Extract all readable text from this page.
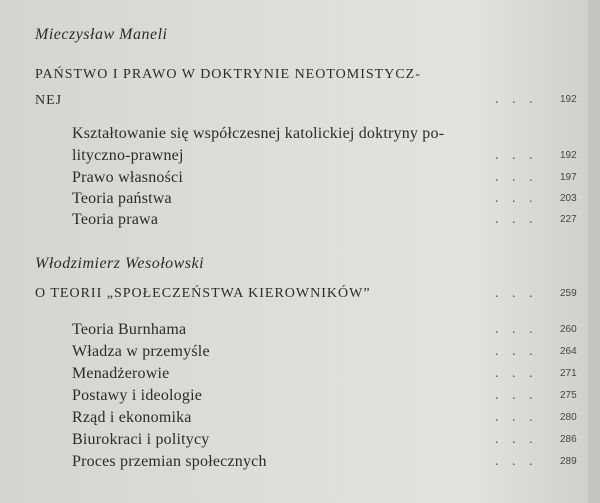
Mieczysław Maneli
PAŃSTWO I PRAWO W DOKTRYNIE NEOTOMISTYCZ-
NEJ	. . . 192
Kształtowanie się współczesnej katolickiej doktryny po-
lityczno-prawnej	. . . 192
Prawo własności	. . . 197
Teoria państwa	. . . 203
Teoria prawa	. . . 227
Włodzimierz Wesołowski
O TEORII „SPOŁECZEŃSTWA KIEROWNIKÓW”	. . . 259
Teoria Burnhama	. . . 260
Władza w przemyśle	. . . 264
Menadżerowie	. . . 271
Postawy i ideologie	. . . 275
Rząd i ekonomika	. . . 280
Biurokraci i politycy	. . . 286
Proces przemian społecznych	. . . 289
